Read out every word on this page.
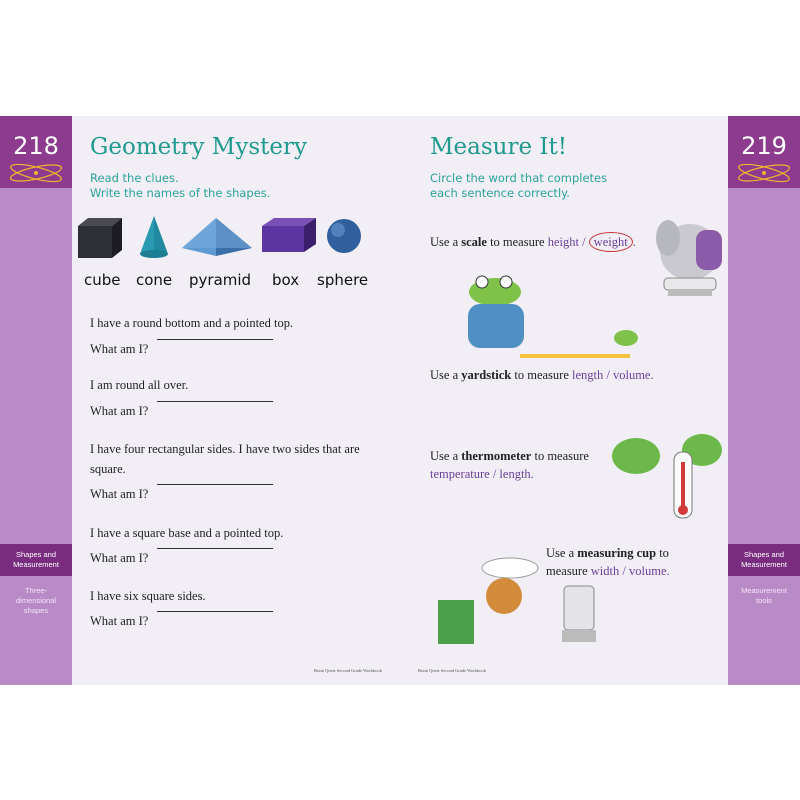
218
Shapes and Measurement
Three-dimensional shapes
219
Shapes and Measurement
Measurement tools
Geometry Mystery
Read the clues.
Write the names of the shapes.
cube cone pyramid box sphere
I have a round bottom and a pointed top.
What am I?
I am round all over.
What am I?
I have four rectangular sides. I have two sides that are square.
What am I?
I have a square base and a pointed top.
What am I?
I have six square sides.
What am I?
Brain Quest Second Grade Workbook
Measure It!
Circle the word that completes
each sentence correctly.
Use a scale to measure height / weight .
Use a yardstick to measure length / volume.
Use a thermometer to measure temperature / length.
Use a measuring cup to measure width / volume.
Brain Quest Second Grade Workbook
